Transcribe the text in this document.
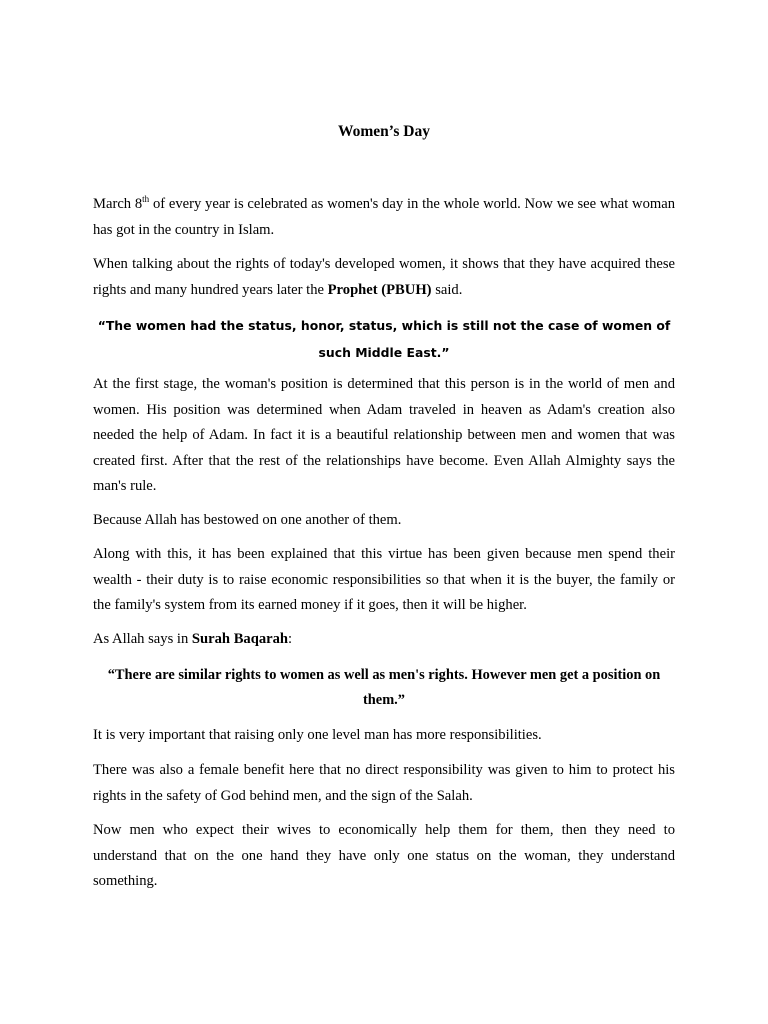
Women’s Day

March 8th of every year is celebrated as women's day in the whole world. Now we see what woman has got in the country in Islam.

When talking about the rights of today's developed women, it shows that they have acquired these rights and many hundred years later the Prophet (PBUH) said.

“The women had the status, honor, status, which is still not the case of women of such Middle East.”

At the first stage, the woman's position is determined that this person is in the world of men and women. His position was determined when Adam traveled in heaven as Adam's creation also needed the help of Adam. In fact it is a beautiful relationship between men and women that was created first. After that the rest of the relationships have become. Even Allah Almighty says the man's rule.

Because Allah has bestowed on one another of them.

Along with this, it has been explained that this virtue has been given because men spend their wealth - their duty is to raise economic responsibilities so that when it is the buyer, the family or the family's system from its earned money if it goes, then it will be higher.

As Allah says in Surah Baqarah:

“There are similar rights to women as well as men's rights. However men get a position on them.”

It is very important that raising only one level man has more responsibilities.

There was also a female benefit here that no direct responsibility was given to him to protect his rights in the safety of God behind men, and the sign of the Salah.

Now men who expect their wives to economically help them for them, then they need to understand that on the one hand they have only one status on the woman, they understand something.
